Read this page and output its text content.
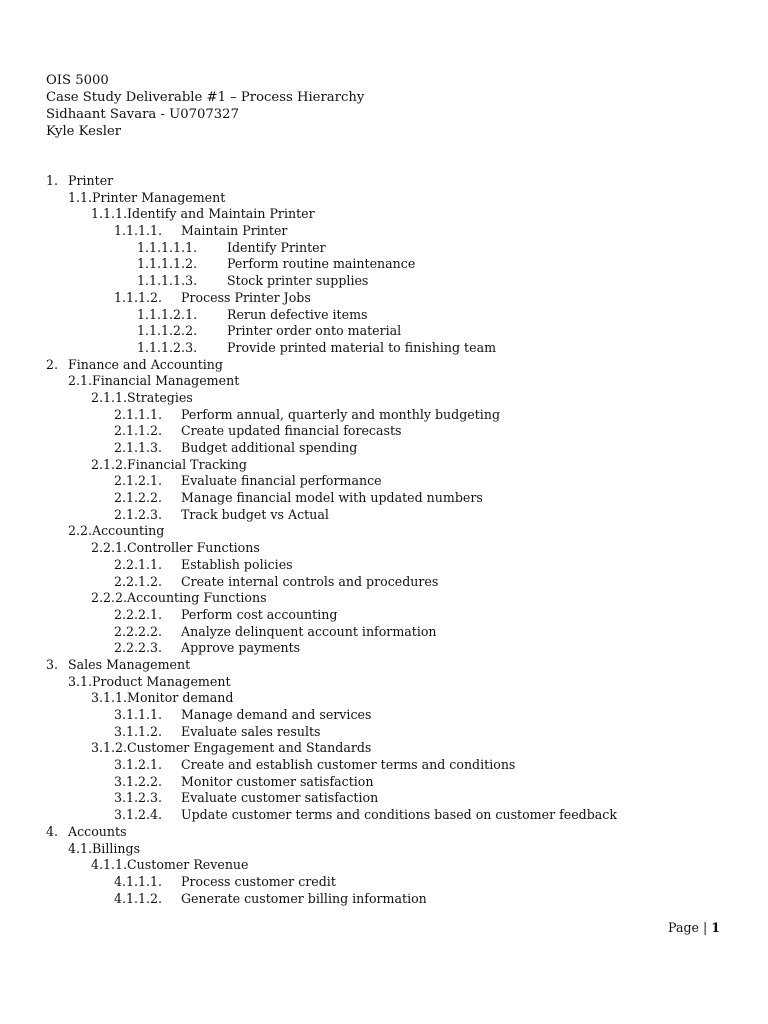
OIS 5000
Case Study Deliverable #1 – Process Hierarchy
Sidhaant Savara - U0707327
Kyle Kesler
1. Printer
1.1.Printer Management
1.1.1.Identify and Maintain Printer
1.1.1.1. Maintain Printer
1.1.1.1.1. Identify Printer
1.1.1.1.2. Perform routine maintenance
1.1.1.1.3. Stock printer supplies
1.1.1.2. Process Printer Jobs
1.1.1.2.1. Rerun defective items
1.1.1.2.2. Printer order onto material
1.1.1.2.3. Provide printed material to finishing team
2. Finance and Accounting
2.1.Financial Management
2.1.1.Strategies
2.1.1.1. Perform annual, quarterly and monthly budgeting
2.1.1.2. Create updated financial forecasts
2.1.1.3. Budget additional spending
2.1.2.Financial Tracking
2.1.2.1. Evaluate financial performance
2.1.2.2. Manage financial model with updated numbers
2.1.2.3. Track budget vs Actual
2.2.Accounting
2.2.1.Controller Functions
2.2.1.1. Establish policies
2.2.1.2. Create internal controls and procedures
2.2.2.Accounting Functions
2.2.2.1. Perform cost accounting
2.2.2.2. Analyze delinquent account information
2.2.2.3. Approve payments
3. Sales Management
3.1.Product Management
3.1.1.Monitor demand
3.1.1.1. Manage demand and services
3.1.1.2. Evaluate sales results
3.1.2.Customer Engagement and Standards
3.1.2.1. Create and establish customer terms and conditions
3.1.2.2. Monitor customer satisfaction
3.1.2.3. Evaluate customer satisfaction
3.1.2.4. Update customer terms and conditions based on customer feedback
4. Accounts
4.1.Billings
4.1.1.Customer Revenue
4.1.1.1. Process customer credit
4.1.1.2. Generate customer billing information
Page | 1
